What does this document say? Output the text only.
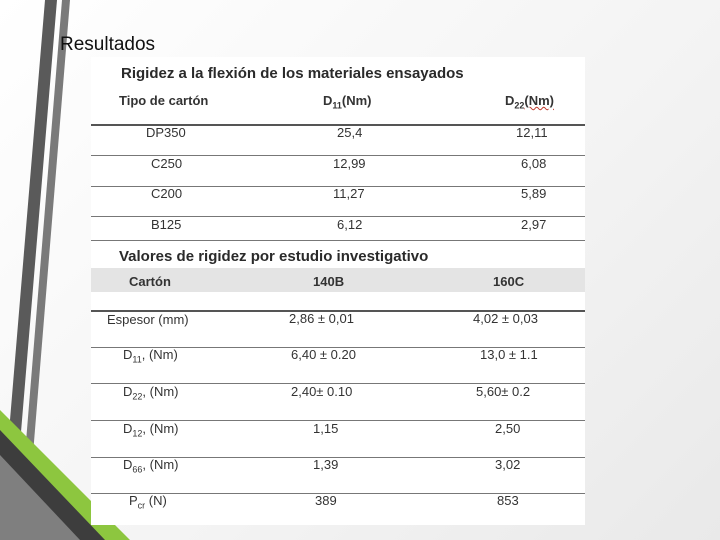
Resultados
Rigidez a la flexión de los materiales ensayados
Tipo de cartón	$D_{11}(Nm)$	$D_{22}(Nm)$
DP350	25,4	12,11
C250	12,99	6,08
C200	11,27	5,89
B125	6,12	2,97
Valores de rigidez por estudio investigativo
Cartón	140B	160C
Espesor (mm)	2,86 ± 0,01	4,02 ± 0,03
$D_{11}$, (Nm)	6,40 ± 0.20	13,0 ± 1.1
$D_{22}$, (Nm)	2,40± 0.10	5,60± 0.2
$D_{12}$, (Nm)	1,15	2,50
$D_{66}$, (Nm)	1,39	3,02
$P_{cr}$ (N)	389	853
